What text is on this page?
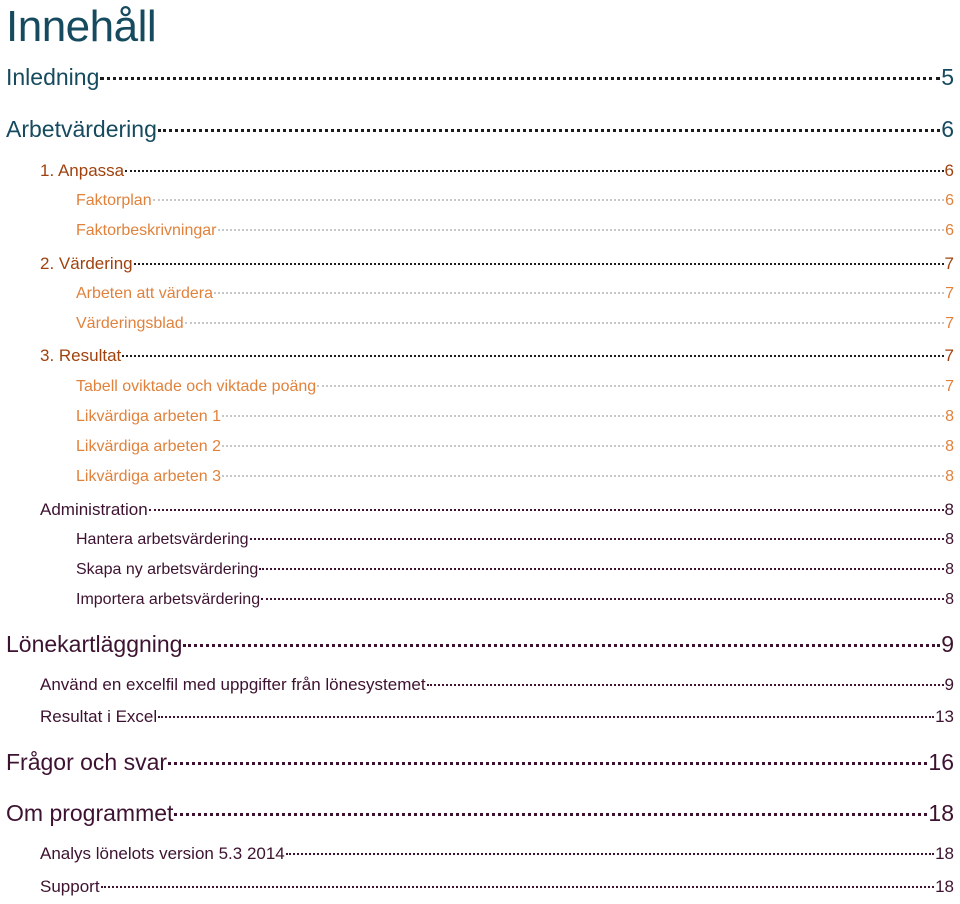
Innehåll
Inledning	5
Arbetvärdering	6
1. Anpassa	6
Faktorplan	6
Faktorbeskrivningar	6
2. Värdering	7
Arbeten att värdera	7
Värderingsblad	7
3. Resultat	7
Tabell oviktade och viktade poäng	7
Likvärdiga arbeten 1	8
Likvärdiga arbeten 2	8
Likvärdiga arbeten 3	8
Administration	8
Hantera arbetsvärdering	8
Skapa ny arbetsvärdering	8
Importera arbetsvärdering	8
Lönekartläggning	9
Använd en excelfil med uppgifter från lönesystemet	9
Resultat i Excel	13
Frågor och svar	16
Om programmet	18
Analys lönelots version 5.3 2014	18
Support	18
